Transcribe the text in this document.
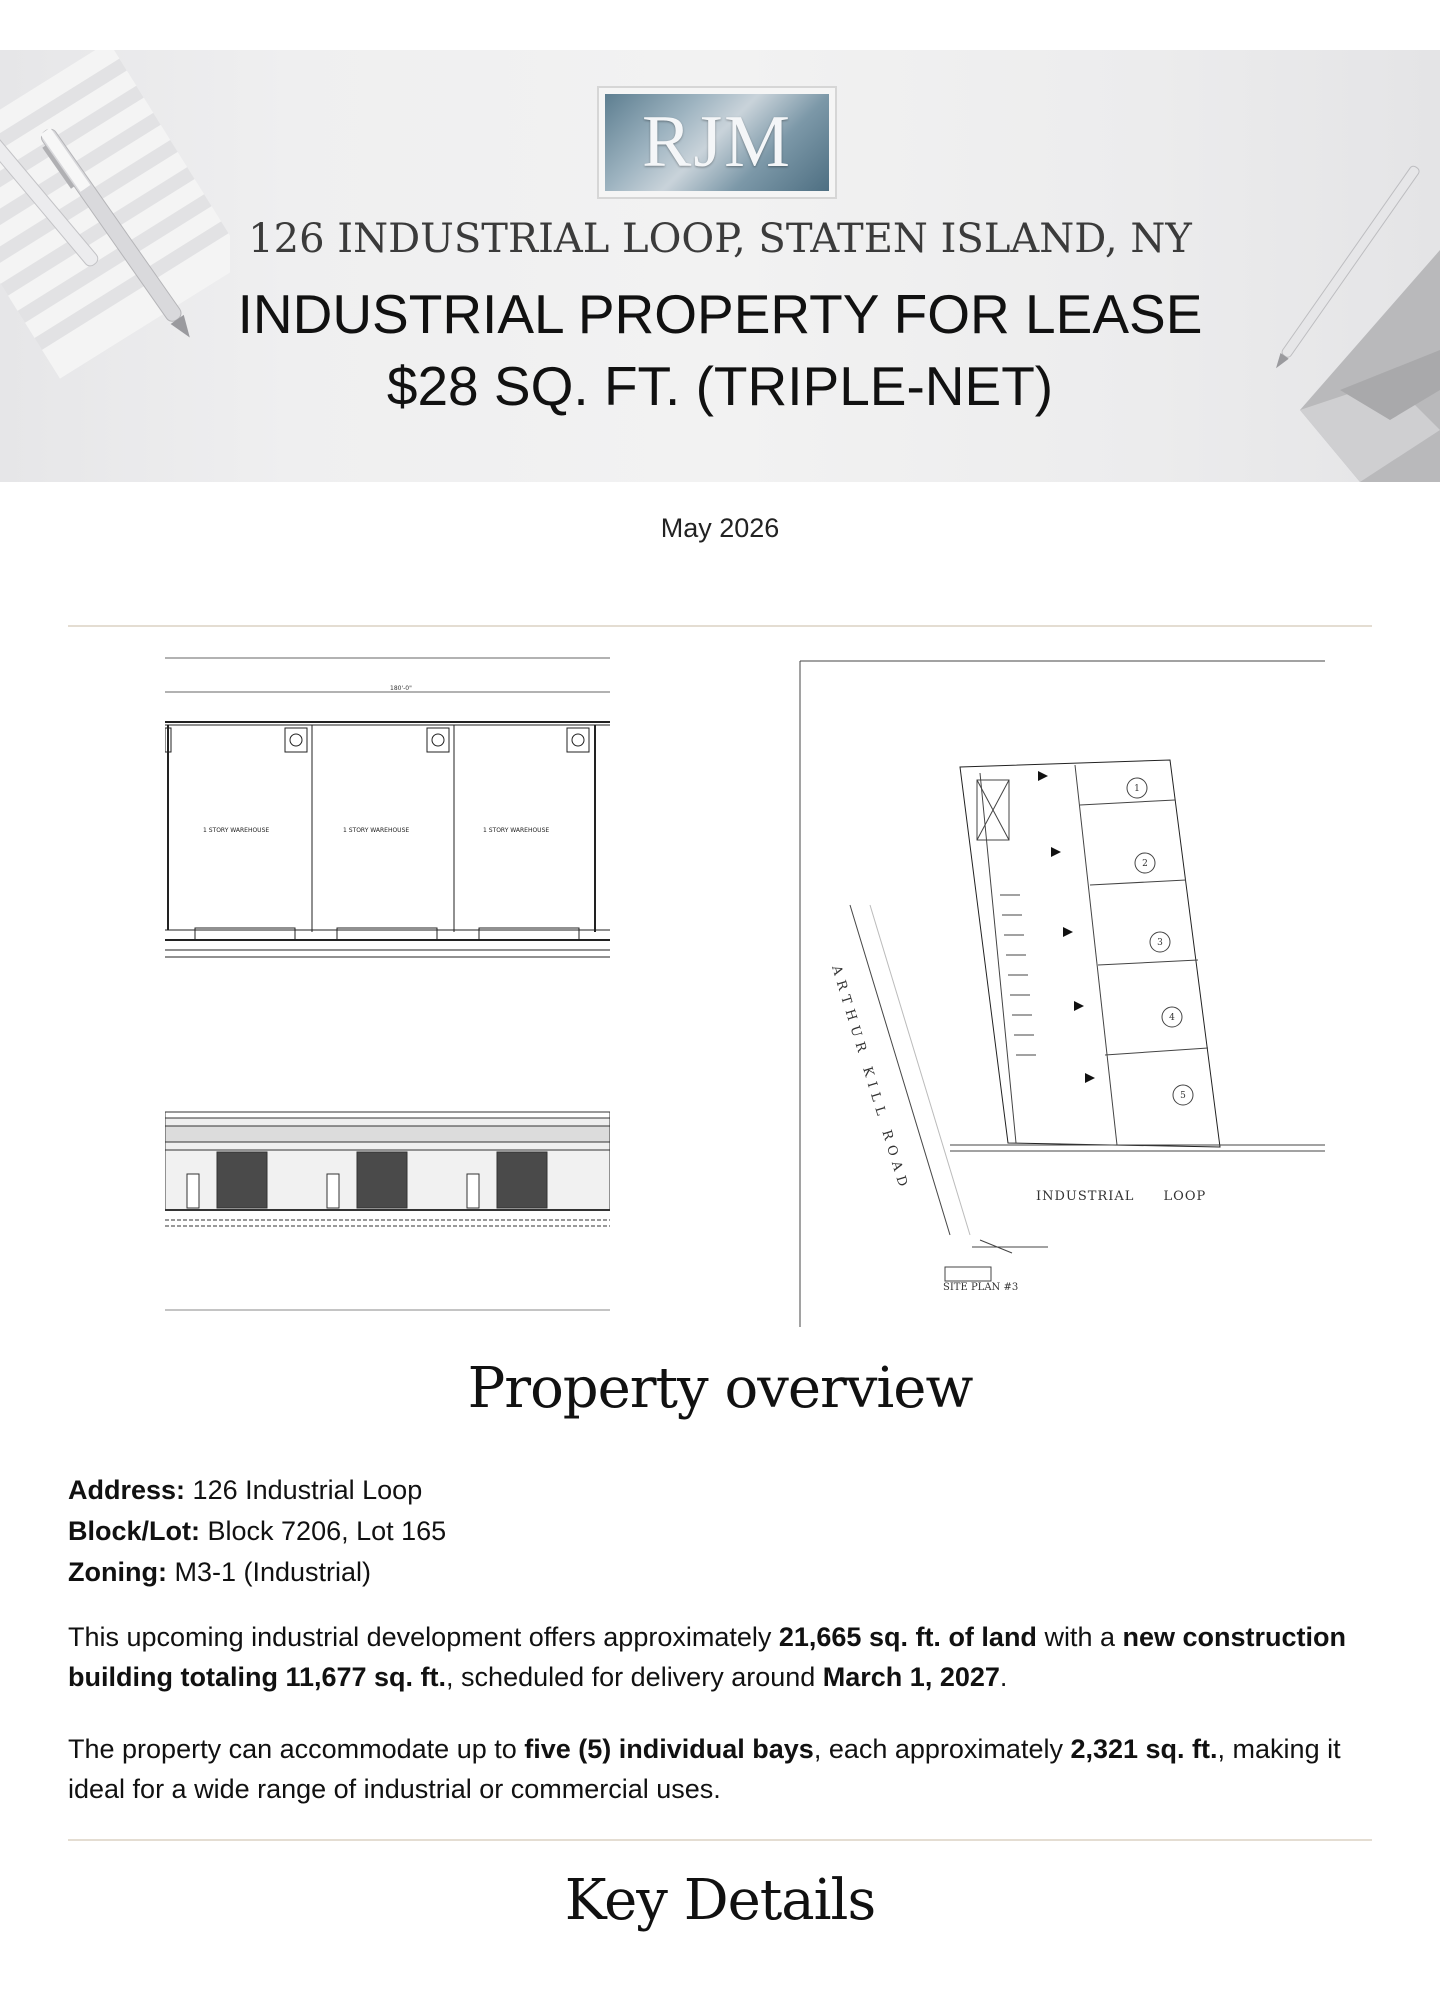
RJM
126 INDUSTRIAL LOOP, STATEN ISLAND, NY
INDUSTRIAL PROPERTY FOR LEASE
$28 SQ. FT. (TRIPLE-NET)
May 2026
180'-0"
1 STORY WAREHOUSE	1 STORY WAREHOUSE	1 STORY WAREHOUSE
1
2
3
4
5
ARTHUR KILL ROAD
INDUSTRIAL LOOP
SITE PLAN #3
Property overview
Address: 126 Industrial Loop
Block/Lot: Block 7206, Lot 165
Zoning: M3-1 (Industrial)
This upcoming industrial development offers approximately 21,665 sq. ft. of land with a new construction building totaling 11,677 sq. ft., scheduled for delivery around March 1, 2027.
The property can accommodate up to five (5) individual bays, each approximately 2,321 sq. ft., making it ideal for a wide range of industrial or commercial uses.
Key Details
